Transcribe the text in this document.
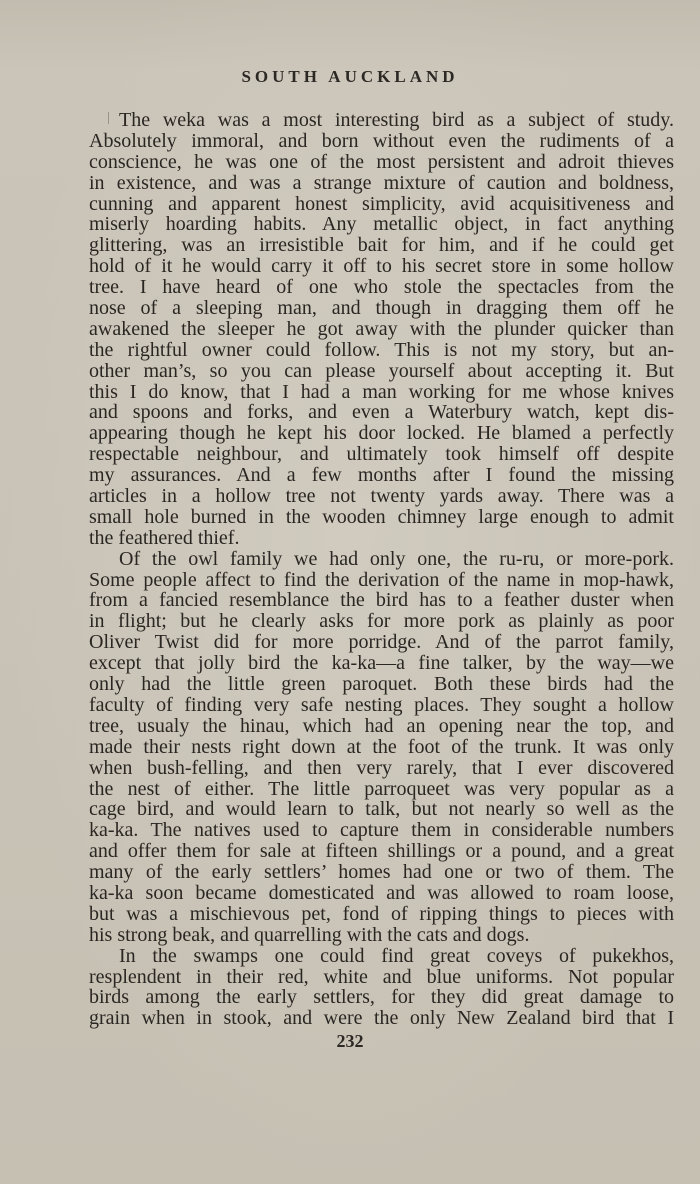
SOUTH AUCKLAND
The weka was a most interesting bird as a subject of study.
Absolutely immoral, and born without even the rudiments of a
conscience, he was one of the most persistent and adroit thieves
in existence, and was a strange mixture of caution and boldness,
cunning and apparent honest simplicity, avid acquisitiveness and
miserly hoarding habits. Any metallic object, in fact anything
glittering, was an irresistible bait for him, and if he could get
hold of it he would carry it off to his secret store in some hollow
tree. I have heard of one who stole the spectacles from the
nose of a sleeping man, and though in dragging them off he
awakened the sleeper he got away with the plunder quicker than
the rightful owner could follow. This is not my story, but an-
other man’s, so you can please yourself about accepting it. But
this I do know, that I had a man working for me whose knives
and spoons and forks, and even a Waterbury watch, kept dis-
appearing though he kept his door locked. He blamed a perfectly
respectable neighbour, and ultimately took himself off despite
my assurances. And a few months after I found the missing
articles in a hollow tree not twenty yards away. There was a
small hole burned in the wooden chimney large enough to admit
the feathered thief.
Of the owl family we had only one, the ru-ru, or more-pork.
Some people affect to find the derivation of the name in mop-hawk,
from a fancied resemblance the bird has to a feather duster when
in flight; but he clearly asks for more pork as plainly as poor
Oliver Twist did for more porridge. And of the parrot family,
except that jolly bird the ka-ka—a fine talker, by the way—we
only had the little green paroquet. Both these birds had the
faculty of finding very safe nesting places. They sought a hollow
tree, usualy the hinau, which had an opening near the top, and
made their nests right down at the foot of the trunk. It was only
when bush-felling, and then very rarely, that I ever discovered
the nest of either. The little parroqueet was very popular as a
cage bird, and would learn to talk, but not nearly so well as the
ka-ka. The natives used to capture them in considerable numbers
and offer them for sale at fifteen shillings or a pound, and a great
many of the early settlers’ homes had one or two of them. The
ka-ka soon became domesticated and was allowed to roam loose,
but was a mischievous pet, fond of ripping things to pieces with
his strong beak, and quarrelling with the cats and dogs.
In the swamps one could find great coveys of pukekhos,
resplendent in their red, white and blue uniforms. Not popular
birds among the early settlers, for they did great damage to
grain when in stook, and were the only New Zealand bird that I
232
